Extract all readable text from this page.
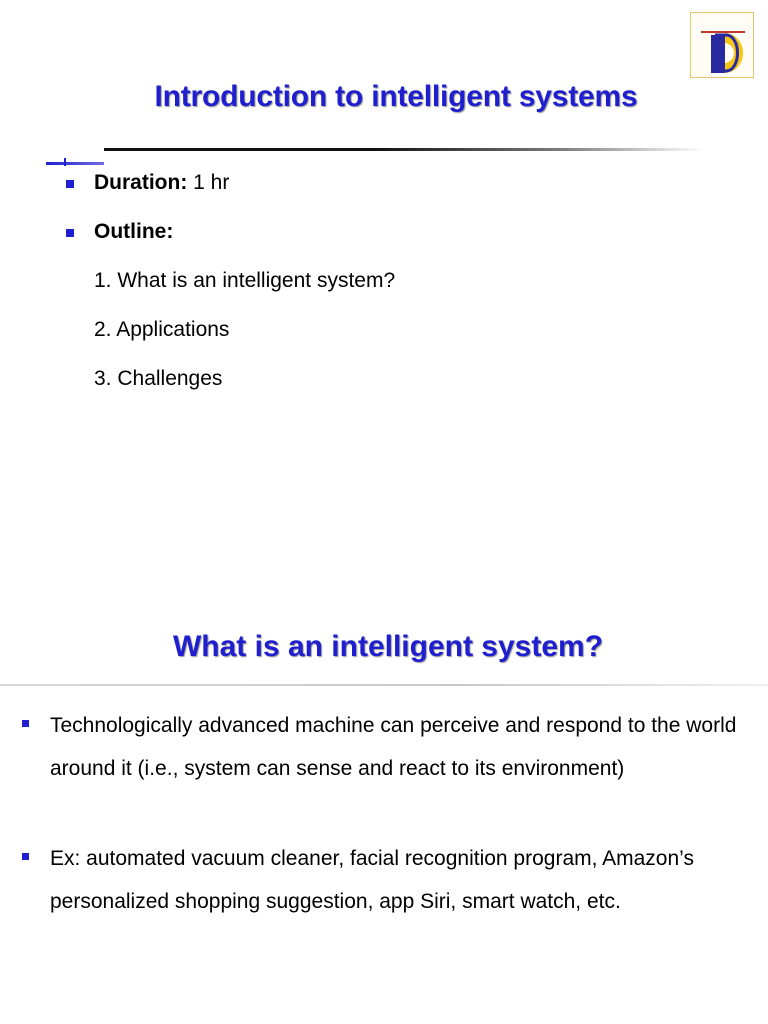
Introduction to intelligent systems
Duration: 1 hr
Outline:
1. What is an intelligent system?
2. Applications
3. Challenges
What is an intelligent system?
Technologically advanced machine can perceive and respond to the world around it (i.e., system can sense and react to its environment)
Ex: automated vacuum cleaner, facial recognition program, Amazon’s personalized shopping suggestion, app Siri, smart watch, etc.
